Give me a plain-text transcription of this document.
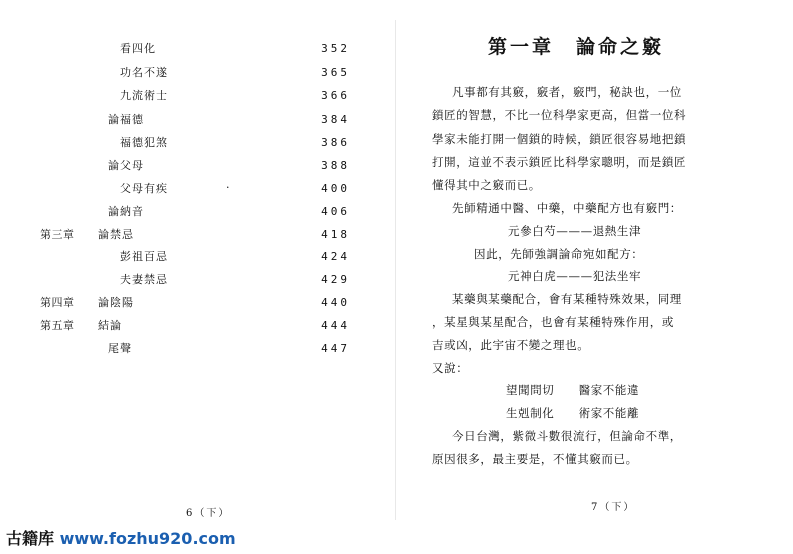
看四化	352
功名不遂	365
九流術士	366
論福德	384
福德犯煞	386
論父母	388
父母有疾	400
論納音	406
第三章 論禁忌	418
彭祖百忌	424
夫妻禁忌	429
第四章 論陰陽	440
第五章 結論	444
尾聲	447
·
6（下）
第一章　論命之竅
凡事都有其竅，竅者，竅門，秘訣也，一位
鎖匠的智慧，不比一位科學家更高，但當一位科
學家未能打開一個鎖的時候，鎖匠很容易地把鎖
打開，這並不表示鎖匠比科學家聰明，而是鎖匠
懂得其中之竅而已。
先師精通中醫、中藥，中藥配方也有竅門：
元參白芍———退熱生津
因此，先師強調論命宛如配方：
元神白虎———犯法坐牢
某藥與某藥配合，會有某種特殊效果，同理
，某星與某星配合，也會有某種特殊作用，或
吉或凶，此宇宙不變之理也。
又說：
望聞問切　　醫家不能違
生剋制化　　術家不能離
今日台灣，紫微斗數很流行，但論命不準，
原因很多，最主要是，不懂其竅而已。
7（下）
古籍库 www.fozhu920.com
